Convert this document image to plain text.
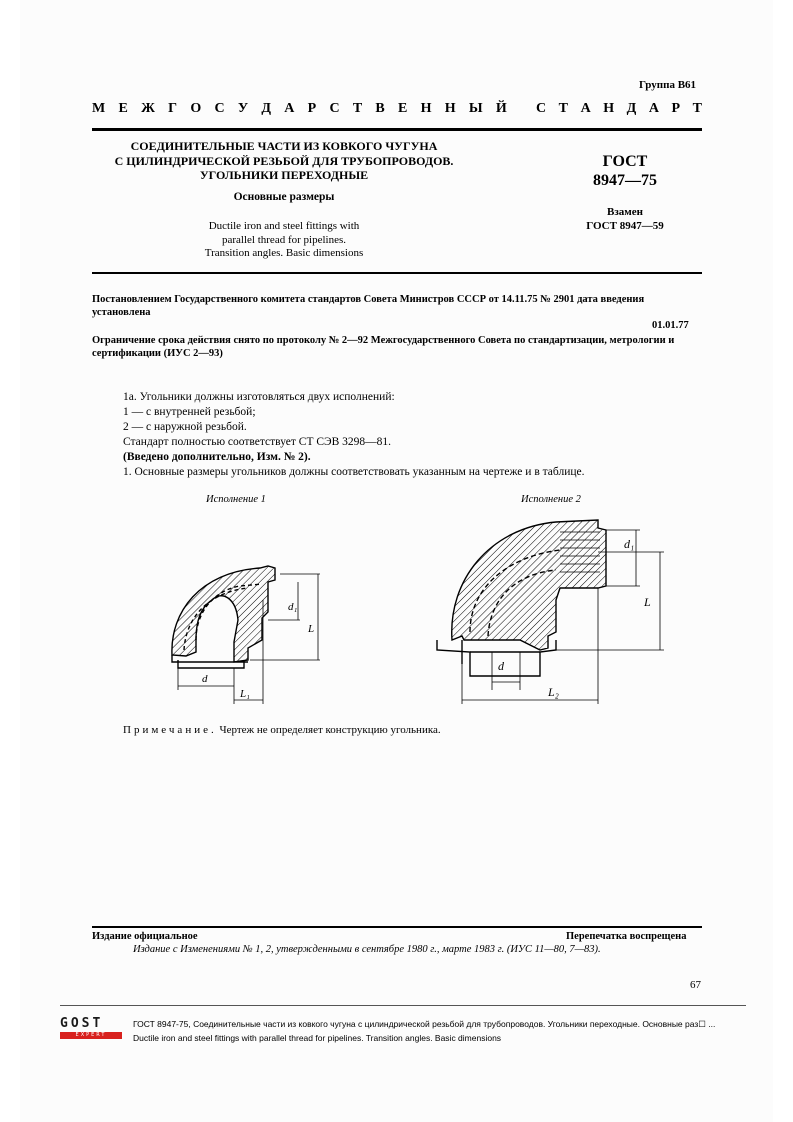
Группа В61
М Е Ж Г О С У Д А Р С Т В Е Н Н Ы Й С Т А Н Д А Р Т
СОЕДИНИТЕЛЬНЫЕ ЧАСТИ ИЗ КОВКОГО ЧУГУНА
С ЦИЛИНДРИЧЕСКОЙ РЕЗЬБОЙ ДЛЯ ТРУБОПРОВОДОВ.
УГОЛЬНИКИ ПЕРЕХОДНЫЕ
Основные размеры
Ductile iron and steel fittings with
parallel thread for pipelines.
Transition angles. Basic dimensions
ГОСТ
8947—75
Взамен
ГОСТ 8947—59
Постановлением Государственного комитета стандартов Совета Министров СССР от 14.11.75 № 2901 дата введения установлена
01.01.77
Ограничение срока действия снято по протоколу № 2—92 Межгосударственного Совета по стандартизации, метрологии и сертификации (ИУС 2—93)
1а. Угольники должны изготовляться двух исполнений:
1 — с внутренней резьбой;
2 — с наружной резьбой.
Стандарт полностью соответствует СТ СЭВ 3298—81.
(Введено дополнительно, Изм. № 2).
1. Основные размеры угольников должны соответствовать указанным на чертеже и в таблице.
Исполнение 1	Исполнение 2
d₁
L
d
L₁
d₁
L
d
L₂
Примечание. Чертеж не определяет конструкцию угольника.
Издание официальное	Перепечатка воспрещена
Издание с Изменениями № 1, 2, утвержденными в сентябре 1980 г., марте 1983 г. (ИУС 11—80, 7—83).
67
GOST
EXPERT
ГОСТ 8947-75, Соединительные части из ковкого чугуна с цилиндрической резьбой для трубопроводов. Угольники переходные. Основные раз☐ ...
Ductile iron and steel fittings with parallel thread for pipelines. Transition angles. Basic dimensions
